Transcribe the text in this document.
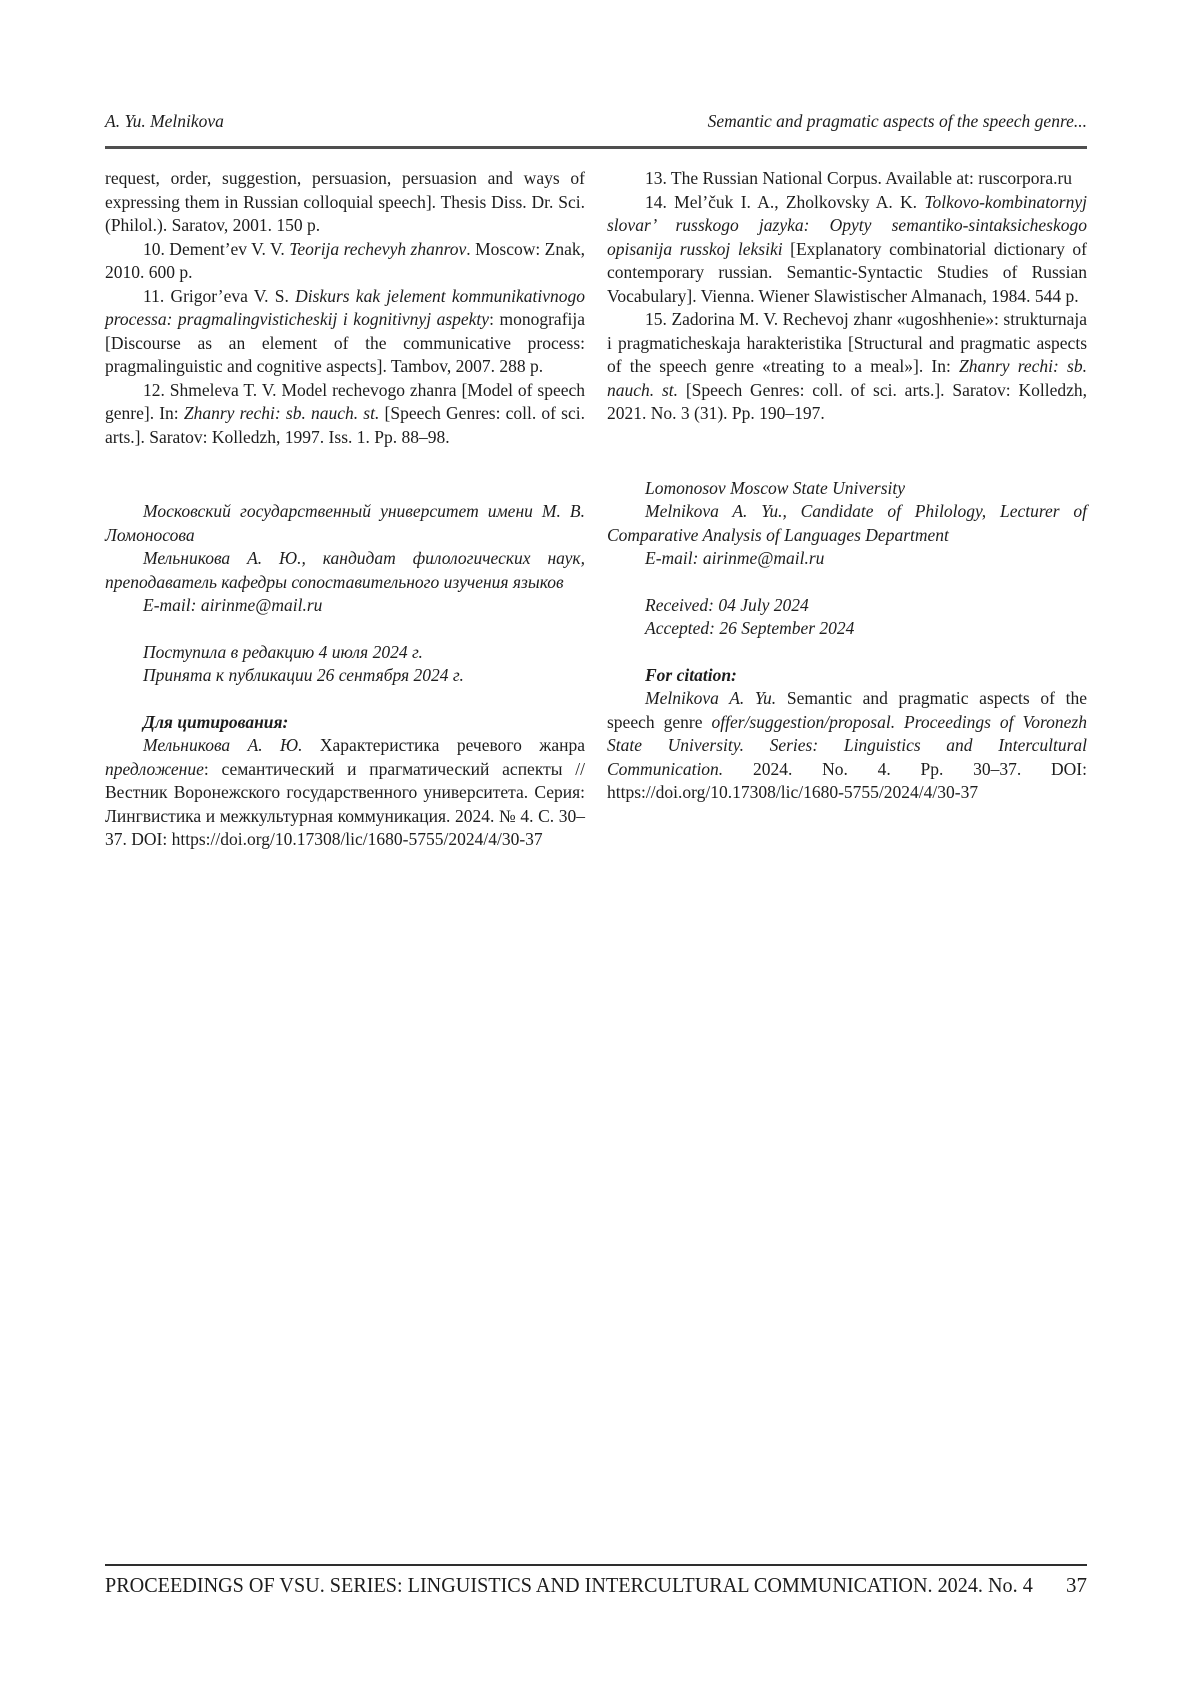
A. Yu. Melnikova	Semantic and pragmatic aspects of the speech genre...

request, order, suggestion, persuasion, persuasion and ways of expressing them in Russian colloquial speech]. Thesis Diss. Dr. Sci. (Philol.). Saratov, 2001. 150 p.

10. Dement’ev V. V. Teorija rechevyh zhanrov. Moscow: Znak, 2010. 600 p.

11. Grigor’eva V. S. Diskurs kak jelement kommunikativnogo processa: pragmalingvisticheskij i kognitivnyj aspekty: monografija [Discourse as an element of the communicative process: pragmalinguistic and cognitive aspects]. Tambov, 2007. 288 p.

12. Shmeleva T. V. Model rechevogo zhanra [Model of speech genre]. In: Zhanry rechi: sb. nauch. st. [Speech Genres: coll. of sci. arts.]. Saratov: Kolledzh, 1997. Iss. 1. Pp. 88–98.

Московский государственный университет имени М. В. Ломоносова

Мельникова А. Ю., кандидат филологических наук, преподаватель кафедры сопоставительного изучения языков

E-mail: airinme@mail.ru

Поступила в редакцию 4 июля 2024 г.

Принята к публикации 26 сентября 2024 г.

Для цитирования:

Мельникова А. Ю. Характеристика речевого жанра предложение: семантический и прагматический аспекты // Вестник Воронежского государственного университета. Серия: Лингвистика и межкультурная коммуникация. 2024. № 4. С. 30–37. DOI: https://doi.org/10.17308/lic/1680-5755/2024/4/30-37

13. The Russian National Corpus. Available at: ruscorpora.ru

14. Mel’čuk I. A., Zholkovsky A. K. Tolkovo-kombinatornyj slovar’ russkogo jazyka: Opyty semantiko-sintaksicheskogo opisanija russkoj leksiki [Explanatory combinatorial dictionary of contemporary russian. Semantic-Syntactic Studies of Russian Vocabulary]. Vienna. Wiener Slawistischer Almanach, 1984. 544 p.

15. Zadorina M. V. Rechevoj zhanr «ugoshhenie»: strukturnaja i pragmaticheskaja harakteristika [Structural and pragmatic aspects of the speech genre «treating to a meal»]. In: Zhanry rechi: sb. nauch. st. [Speech Genres: coll. of sci. arts.]. Saratov: Kolledzh, 2021. No. 3 (31). Pp. 190–197.

Lomonosov Moscow State University

Melnikova A. Yu., Candidate of Philology, Lecturer of Comparative Analysis of Languages Department

E-mail: airinme@mail.ru

Received: 04 July 2024

Accepted: 26 September 2024

For citation:

Melnikova A. Yu. Semantic and pragmatic aspects of the speech genre offer/suggestion/proposal. Proceedings of Voronezh State University. Series: Linguistics and Intercultural Communication. 2024. No. 4. Pp. 30–37. DOI: https://doi.org/10.17308/lic/1680-5755/2024/4/30-37

PROCEEDINGS OF VSU. SERIES: LINGUISTICS AND INTERCULTURAL COMMUNICATION. 2024. No. 4 37
